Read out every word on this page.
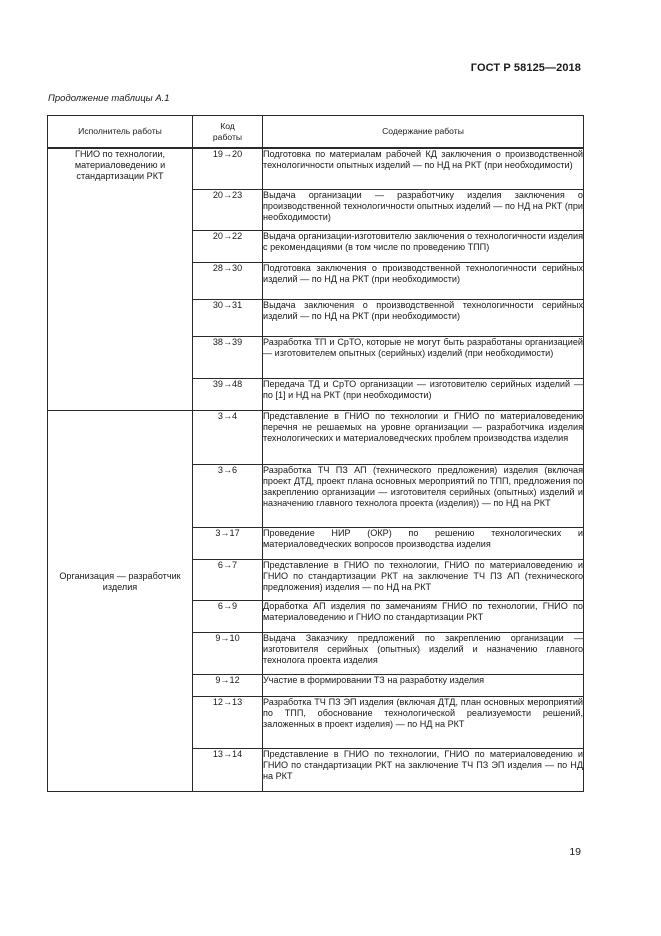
ГОСТ Р 58125—2018
Продолжение таблицы А.1
Исполнитель работы	Код работы	Содержание работы
ГНИО по технологии, материаловедению и стандартизации РКТ	19→20	Подготовка по материалам рабочей КД заключения о производственной технологичности опытных изделий — по НД на РКТ (при необходимости)
	20→23	Выдача организации — разработчику изделия заключения о производственной технологичности опытных изделий — по НД на РКТ (при необходимости)
	20→22	Выдача организации-изготовителю заключения о технологичности изделия с рекомендациями (в том числе по проведению ТПП)
	28→30	Подготовка заключения о производственной технологичности серийных изделий — по НД на РКТ (при необходимости)
	30→31	Выдача заключения о производственной технологичности серийных изделий — по НД на РКТ (при необходимости)
	38→39	Разработка ТП и СрТО, которые не могут быть разработаны организацией — изготовителем опытных (серийных) изделий (при необходимости)
	39→48	Передача ТД и СрТО организации — изготовителю серийных изделий — по [1] и НД на РКТ (при необходимости)
Организация — разработчик изделия	3→4	Представление в ГНИО по технологии и ГНИО по материаловедению перечня не решаемых на уровне организации — разработчика изделия технологических и материаловедческих проблем производства изделия
	3→6	Разработка ТЧ ПЗ АП (технического предложения) изделия (включая проект ДТД, проект плана основных мероприятий по ТПП, предложения по закреплению организации — изготовителя серийных (опытных) изделий и назначению главного технолога проекта (изделия)) — по НД на РКТ
	3→17	Проведение НИР (ОКР) по решению технологических и материаловедческих вопросов производства изделия
	6→7	Представление в ГНИО по технологии, ГНИО по материаловедению и ГНИО по стандартизации РКТ на заключение ТЧ ПЗ АП (технического предложения) изделия — по НД на РКТ
	6→9	Доработка АП изделия по замечаниям ГНИО по технологии, ГНИО по материаловедению и ГНИО по стандартизации РКТ
	9→10	Выдача Заказчику предложений по закреплению организации — изготовителя серийных (опытных) изделий и назначению главного технолога проекта изделия
	9→12	Участие в формировании ТЗ на разработку изделия
	12→13	Разработка ТЧ ПЗ ЭП изделия (включая ДТД, план основных мероприятий по ТПП, обоснование технологической реализуемости решений, заложенных в проект изделия) — по НД на РКТ
	13→14	Представление в ГНИО по технологии, ГНИО по материаловедению и ГНИО по стандартизации РКТ на заключение ТЧ ПЗ ЭП изделия — по НД на РКТ
19
